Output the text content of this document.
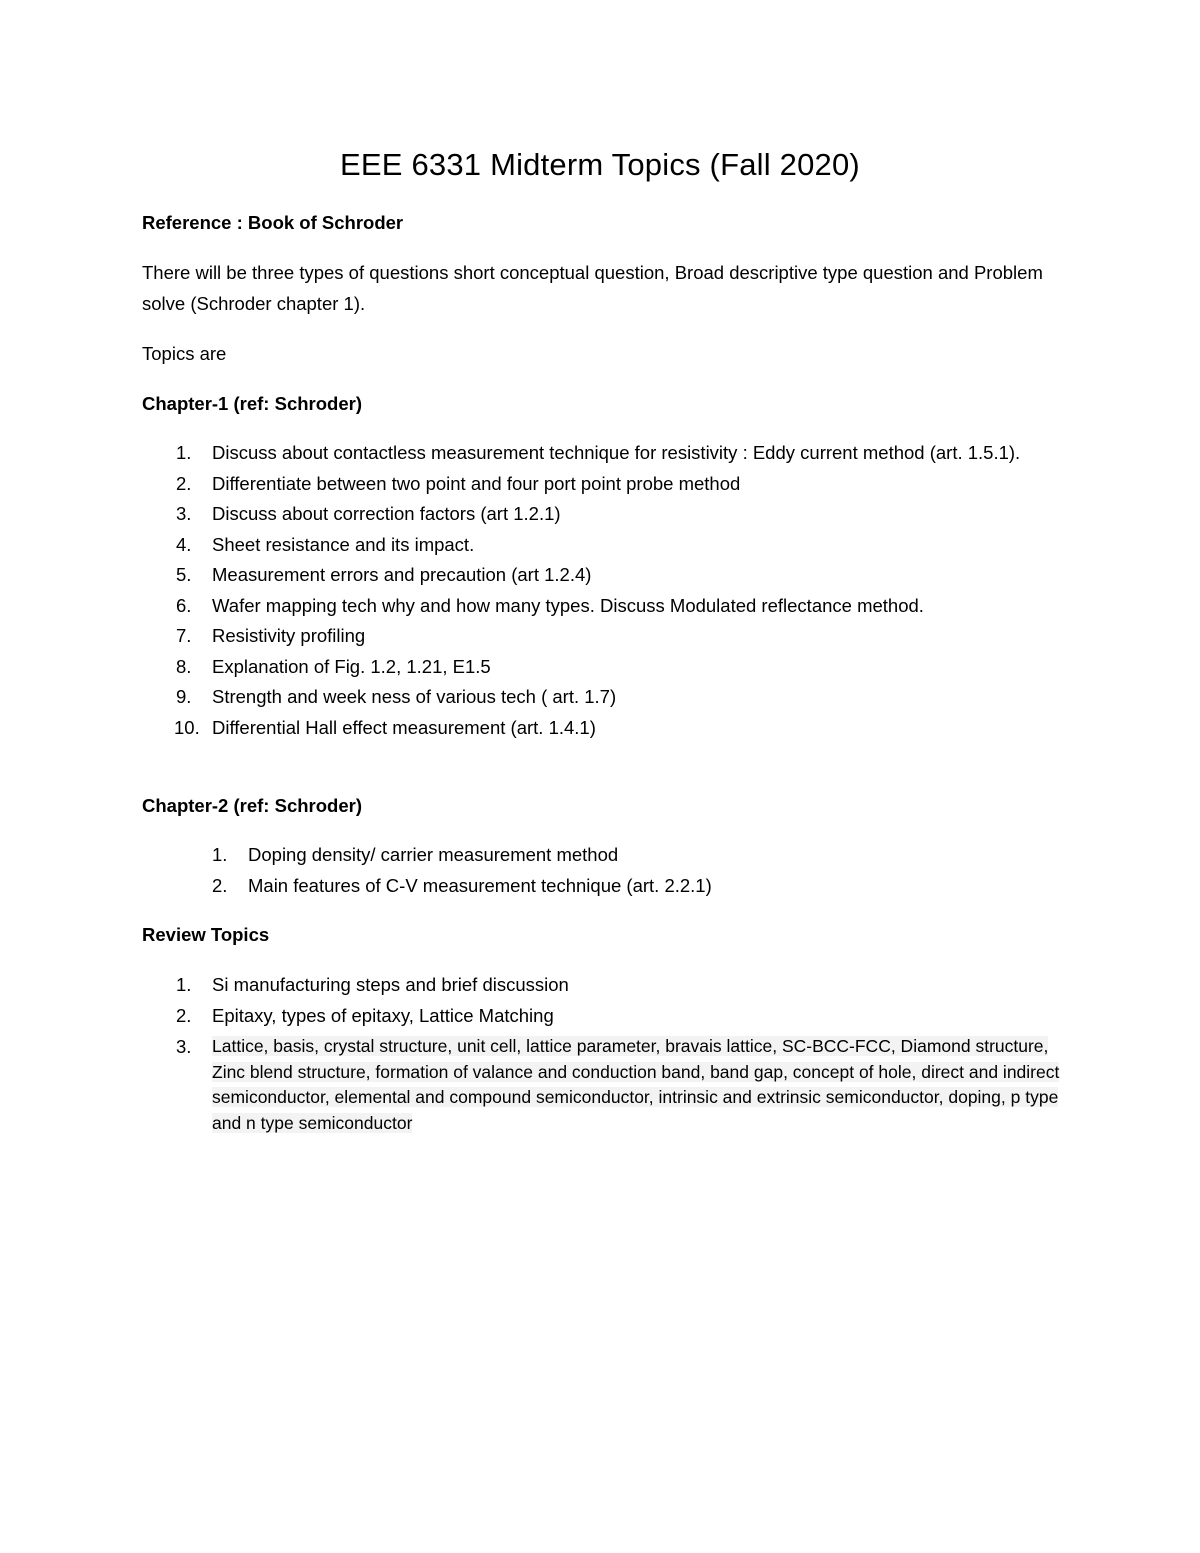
EEE 6331 Midterm Topics (Fall 2020)

Reference : Book of Schroder

There will be three types of questions short conceptual question, Broad descriptive type question and Problem solve (Schroder chapter 1).

Topics are

Chapter-1 (ref: Schroder)

1. Discuss about contactless measurement technique for resistivity : Eddy current method (art. 1.5.1).
2. Differentiate between two point and four port point probe method
3. Discuss about correction factors (art 1.2.1)
4. Sheet resistance and its impact.
5. Measurement errors and precaution (art 1.2.4)
6. Wafer mapping tech why and how many types. Discuss Modulated reflectance method.
7. Resistivity profiling
8. Explanation of Fig. 1.2, 1.21, E1.5
9. Strength and week ness of various tech ( art. 1.7)
10. Differential Hall effect measurement (art. 1.4.1)

Chapter-2 (ref: Schroder)

1. Doping density/ carrier measurement method
2. Main features of C-V measurement technique (art. 2.2.1)

Review Topics

1. Si manufacturing steps and brief discussion
2. Epitaxy, types of epitaxy, Lattice Matching
3. Lattice, basis, crystal structure, unit cell, lattice parameter, bravais lattice, SC-BCC-FCC, Diamond structure, Zinc blend structure, formation of valance and conduction band, band gap, concept of hole, direct and indirect semiconductor, elemental and compound semiconductor, intrinsic and extrinsic semiconductor, doping, p type and n type semiconductor
